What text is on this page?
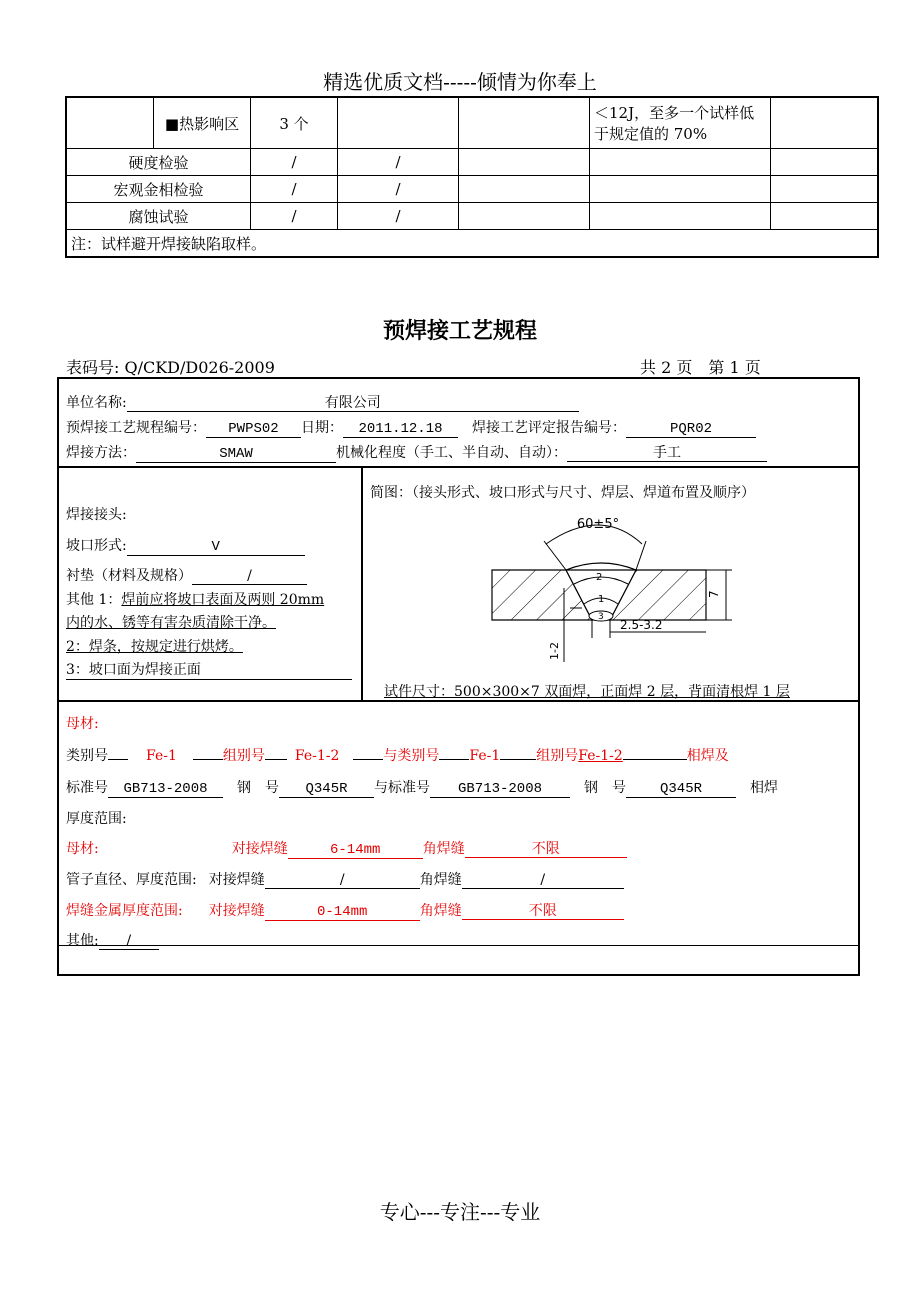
精选优质文档-----倾情为你奉上
	■热影响区	3 个			＜12J，至多一个试样低
于规定值的 70%	
硬度检验		/	/			
宏观金相检验		/	/			
腐蚀试验		/	/			
注：试样避开焊接缺陷取样。						
预焊接工艺规程
表码号: Q/CKD/D026-2009	共 2 页　第 1 页
单位名称:	有限公司
预焊接工艺规程编号： PWPS02 日期： 2011.12.18　 焊接工艺评定报告编号：	PQR02
焊接方法：	SMAW	机械化程度（手工、半自动、自动）：	手工
焊接接头:
坡口形式:	V
衬垫（材料及规格）	/
其他 1：焊前应将坡口表面及两则 20mm
内的水、锈等有害杂质清除干净。
2：焊条，按规定进行烘烤。
3：坡口面为焊接正面
简图：（接头形式、坡口形式与尺寸、焊层、焊道布置及顺序）
60±5°
2
1
3
7
2.5-3.2
1-2
试件尺寸：500×300×7 双面焊，正面焊 2 层，背面清根焊 1 层
母材:
类别号	Fe-1	组别号 Fe-1-2	与类别号 Fe-1	组别号Fe-1-2	相焊及
标准号 GB713-2008　 钢　号 Q345R 与标准号 GB713-2008　	钢　号 Q345R　	相焊
厚度范围:
母材:	对接焊缝	6-14mm	角焊缝	不限
管子直径、厚度范围: 对接焊缝	/	角焊缝	/
焊缝金属厚度范围: 对接焊缝	0-14mm	角焊缝	不限
其他: /
专心---专注---专业
